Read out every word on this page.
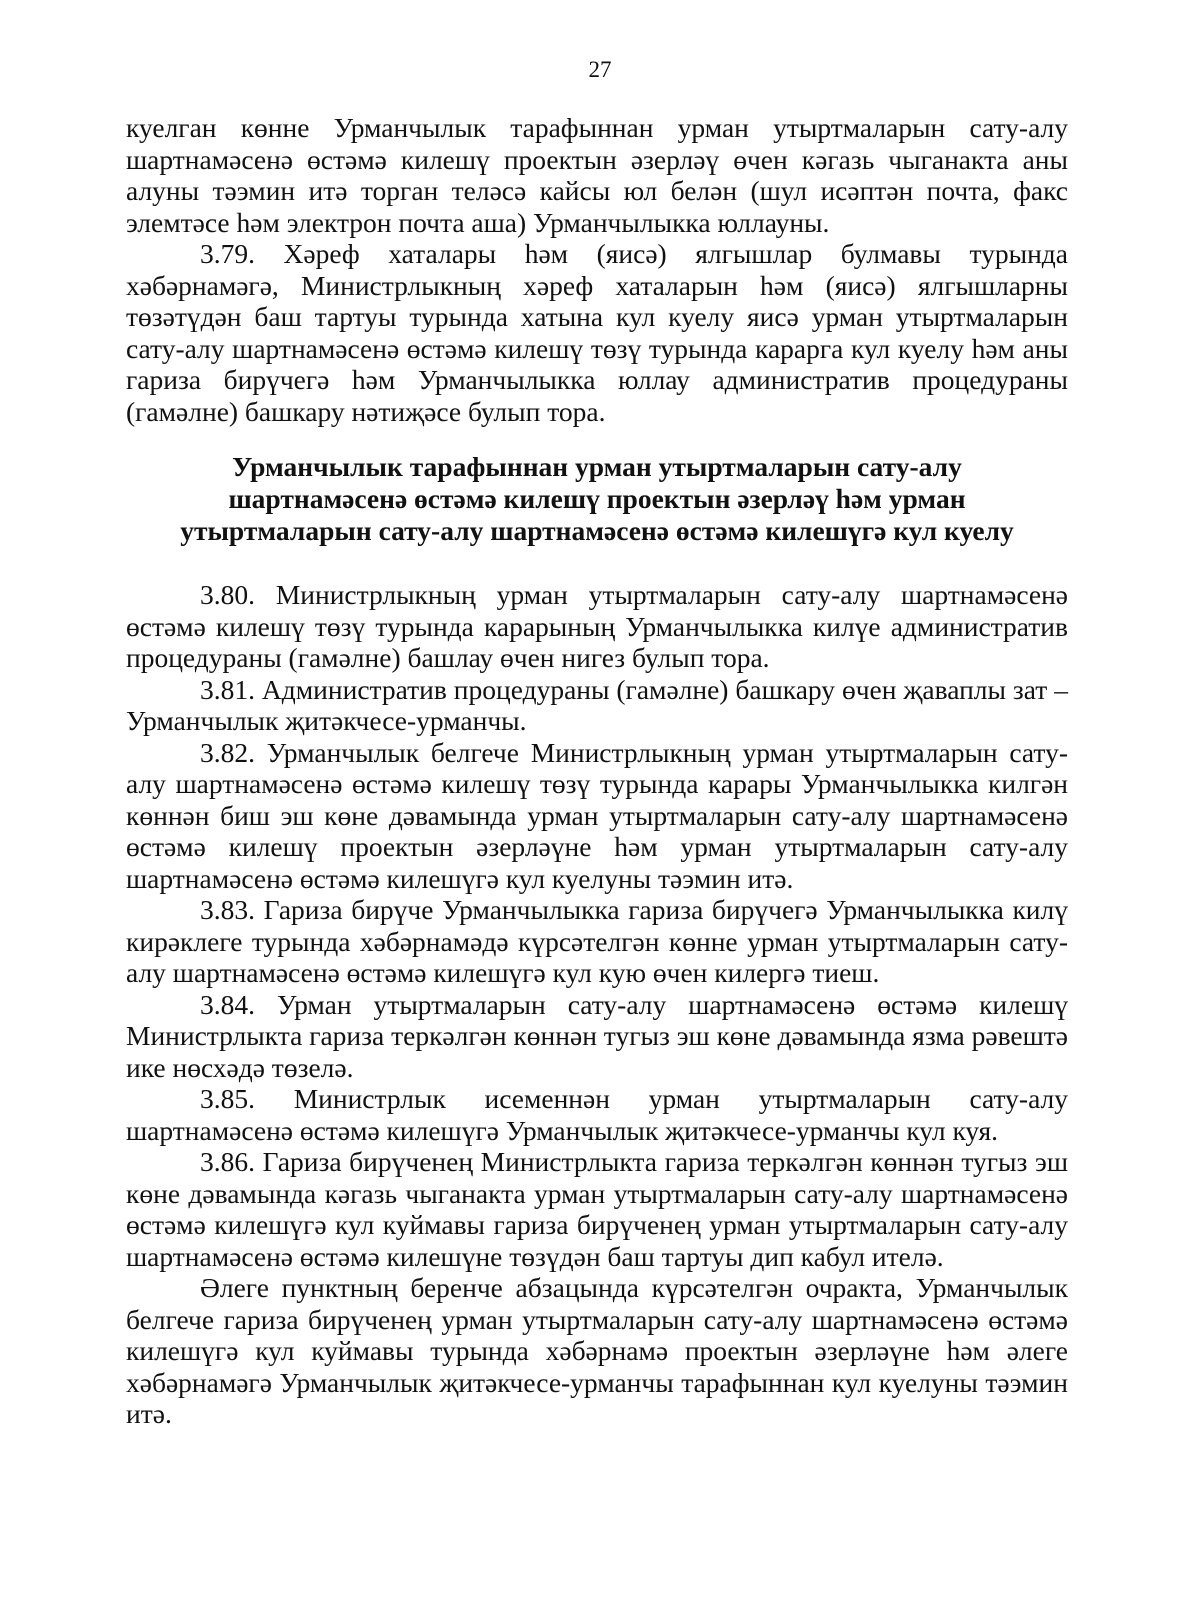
27

куелган көнне Урманчылык тарафыннан урман утыртмаларын сату-алу шартнамәсенә өстәмә килешү проектын әзерләү өчен кәгазь чыганакта аны алуны тәэмин итә торган теләсә кайсы юл белән (шул исәптән почта, факс элемтәсе һәм электрон почта аша) Урманчылыкка юллауны.

3.79. Хәреф хаталары һәм (яисә) ялгышлар булмавы турында хәбәрнамәгә, Министрлыкның хәреф хаталарын һәм (яисә) ялгышларны төзәтүдән баш тартуы турында хатына кул куелу яисә урман утыртмаларын сату-алу шартнамәсенә өстәмә килешү төзү турында карарга кул куелу һәм аны гариза бирүчегә һәм Урманчылыкка юллау административ процедураны (гамәлне) башкару нәтиҗәсе булып тора.

Урманчылык тарафыннан урман утыртмаларын сату-алу
шартнамәсенә өстәмә килешү проектын әзерләү һәм урман
утыртмаларын сату-алу шартнамәсенә өстәмә килешүгә кул куелу

3.80. Министрлыкның урман утыртмаларын сату-алу шартнамәсенә өстәмә килешү төзү турында карарының Урманчылыкка килүе административ процедураны (гамәлне) башлау өчен нигез булып тора.

3.81. Административ процедураны (гамәлне) башкару өчен җаваплы зат – Урманчылык җитәкчесе-урманчы.

3.82. Урманчылык белгече Министрлыкның урман утыртмаларын сату-алу шартнамәсенә өстәмә килешү төзү турында карары Урманчылыкка килгән көннән биш эш көне дәвамында урман утыртмаларын сату-алу шартнамәсенә өстәмә килешү проектын әзерләүне һәм урман утыртмаларын сату-алу шартнамәсенә өстәмә килешүгә кул куелуны тәэмин итә.

3.83. Гариза бирүче Урманчылыкка гариза бирүчегә Урманчылыкка килү кирәклеге турында хәбәрнамәдә күрсәтелгән көнне урман утыртмаларын сату-алу шартнамәсенә өстәмә килешүгә кул кую өчен килергә тиеш.

3.84. Урман утыртмаларын сату-алу шартнамәсенә өстәмә килешү Министрлыкта гариза теркәлгән көннән тугыз эш көне дәвамында язма рәвештә ике нөсхәдә төзелә.

3.85. Министрлык исеменнән урман утыртмаларын сату-алу шартнамәсенә өстәмә килешүгә Урманчылык җитәкчесе-урманчы кул куя.

3.86. Гариза бирүченең Министрлыкта гариза теркәлгән көннән тугыз эш көне дәвамында кәгазь чыганакта урман утыртмаларын сату-алу шартнамәсенә өстәмә килешүгә кул куймавы гариза бирүченең урман утыртмаларын сату-алу шартнамәсенә өстәмә килешүне төзүдән баш тартуы дип кабул ителә.

Әлеге пунктның беренче абзацында күрсәтелгән очракта, Урманчылык белгече гариза бирүченең урман утыртмаларын сату-алу шартнамәсенә өстәмә килешүгә кул куймавы турында хәбәрнамә проектын әзерләүне һәм әлеге хәбәрнамәгә Урманчылык җитәкчесе-урманчы тарафыннан кул куелуны тәэмин итә.
